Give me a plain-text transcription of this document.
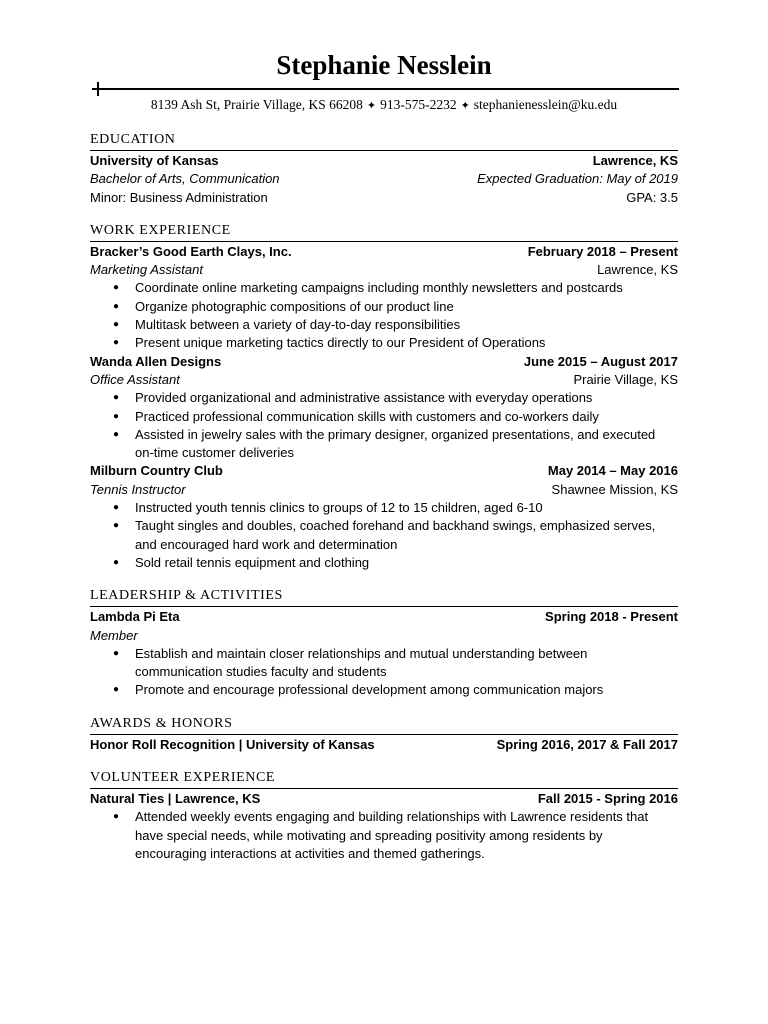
Stephanie Nesslein
8139 Ash St, Prairie Village, KS 66208 ✦ 913-575-2232 ✦ stephanienesslein@ku.edu
EDUCATION
University of Kansas	Lawrence, KS
Bachelor of Arts, Communication	Expected Graduation: May of 2019
Minor: Business Administration	GPA: 3.5
WORK EXPERIENCE
Bracker’s Good Earth Clays, Inc.	February 2018 – Present
Marketing Assistant	Lawrence, KS
● Coordinate online marketing campaigns including monthly newsletters and postcards
● Organize photographic compositions of our product line
● Multitask between a variety of day-to-day responsibilities
● Present unique marketing tactics directly to our President of Operations
Wanda Allen Designs	June 2015 – August 2017
Office Assistant	Prairie Village, KS
● Provided organizational and administrative assistance with everyday operations
● Practiced professional communication skills with customers and co-workers daily
● Assisted in jewelry sales with the primary designer, organized presentations, and executed on-time customer deliveries
Milburn Country Club	May 2014 – May 2016
Tennis Instructor	Shawnee Mission, KS
● Instructed youth tennis clinics to groups of 12 to 15 children, aged 6-10
● Taught singles and doubles, coached forehand and backhand swings, emphasized serves, and encouraged hard work and determination
● Sold retail tennis equipment and clothing
LEADERSHIP & ACTIVITIES
Lambda Pi Eta	Spring 2018 - Present
Member
● Establish and maintain closer relationships and mutual understanding between communication studies faculty and students
● Promote and encourage professional development among communication majors
AWARDS & HONORS
Honor Roll Recognition | University of Kansas	Spring 2016, 2017 & Fall 2017
VOLUNTEER EXPERIENCE
Natural Ties | Lawrence, KS	Fall 2015 - Spring 2016
● Attended weekly events engaging and building relationships with Lawrence residents that have special needs, while motivating and spreading positivity among residents by encouraging interactions at activities and themed gatherings.
